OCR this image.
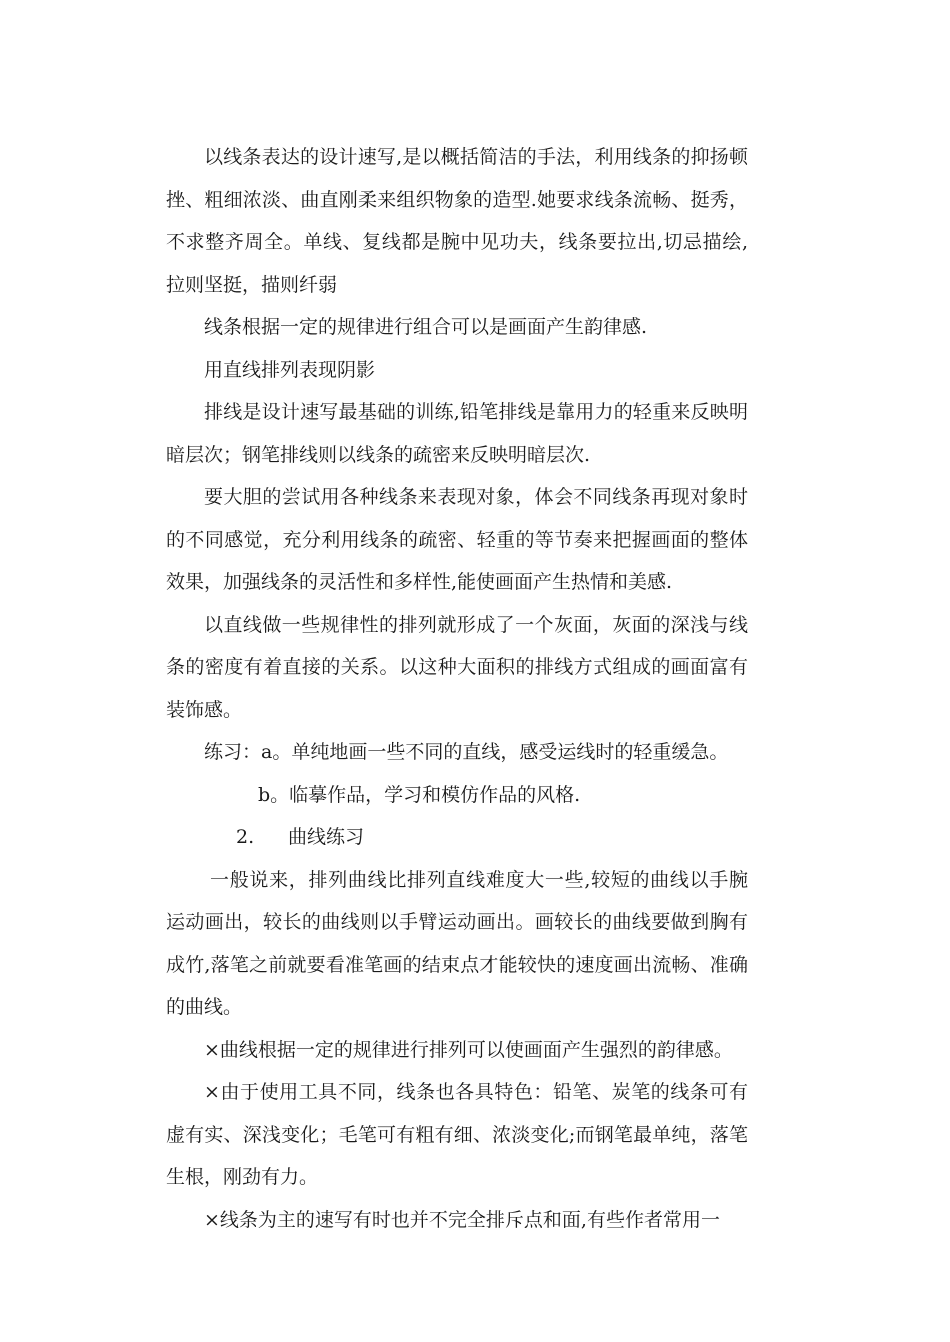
以线条表达的设计速写,是以概括简洁的手法，利用线条的抑扬顿挫、粗细浓淡、曲直刚柔来组织物象的造型.她要求线条流畅、挺秀，不求整齐周全。单线、复线都是腕中见功夫，线条要拉出,切忌描绘,拉则坚挺，描则纤弱

线条根据一定的规律进行组合可以是画面产生韵律感.

用直线排列表现阴影

排线是设计速写最基础的训练,铅笔排线是靠用力的轻重来反映明暗层次；钢笔排线则以线条的疏密来反映明暗层次.

要大胆的尝试用各种线条来表现对象，体会不同线条再现对象时的不同感觉，充分利用线条的疏密、轻重的等节奏来把握画面的整体效果，加强线条的灵活性和多样性,能使画面产生热情和美感.

以直线做一些规律性的排列就形成了一个灰面，灰面的深浅与线条的密度有着直接的关系。以这种大面积的排线方式组成的画面富有装饰感。

练习：a。单纯地画一些不同的直线，感受运线时的轻重缓急。

b。临摹作品，学习和模仿作品的风格.

2. 曲线练习

一般说来，排列曲线比排列直线难度大一些,较短的曲线以手腕运动画出，较长的曲线则以手臂运动画出。画较长的曲线要做到胸有成竹,落笔之前就要看准笔画的结束点才能较快的速度画出流畅、准确的曲线。

×曲线根据一定的规律进行排列可以使画面产生强烈的韵律感。

×由于使用工具不同，线条也各具特色：铅笔、炭笔的线条可有虚有实、深浅变化；毛笔可有粗有细、浓淡变化;而钢笔最单纯，落笔生根，刚劲有力。

×线条为主的速写有时也并不完全排斥点和面,有些作者常用一
